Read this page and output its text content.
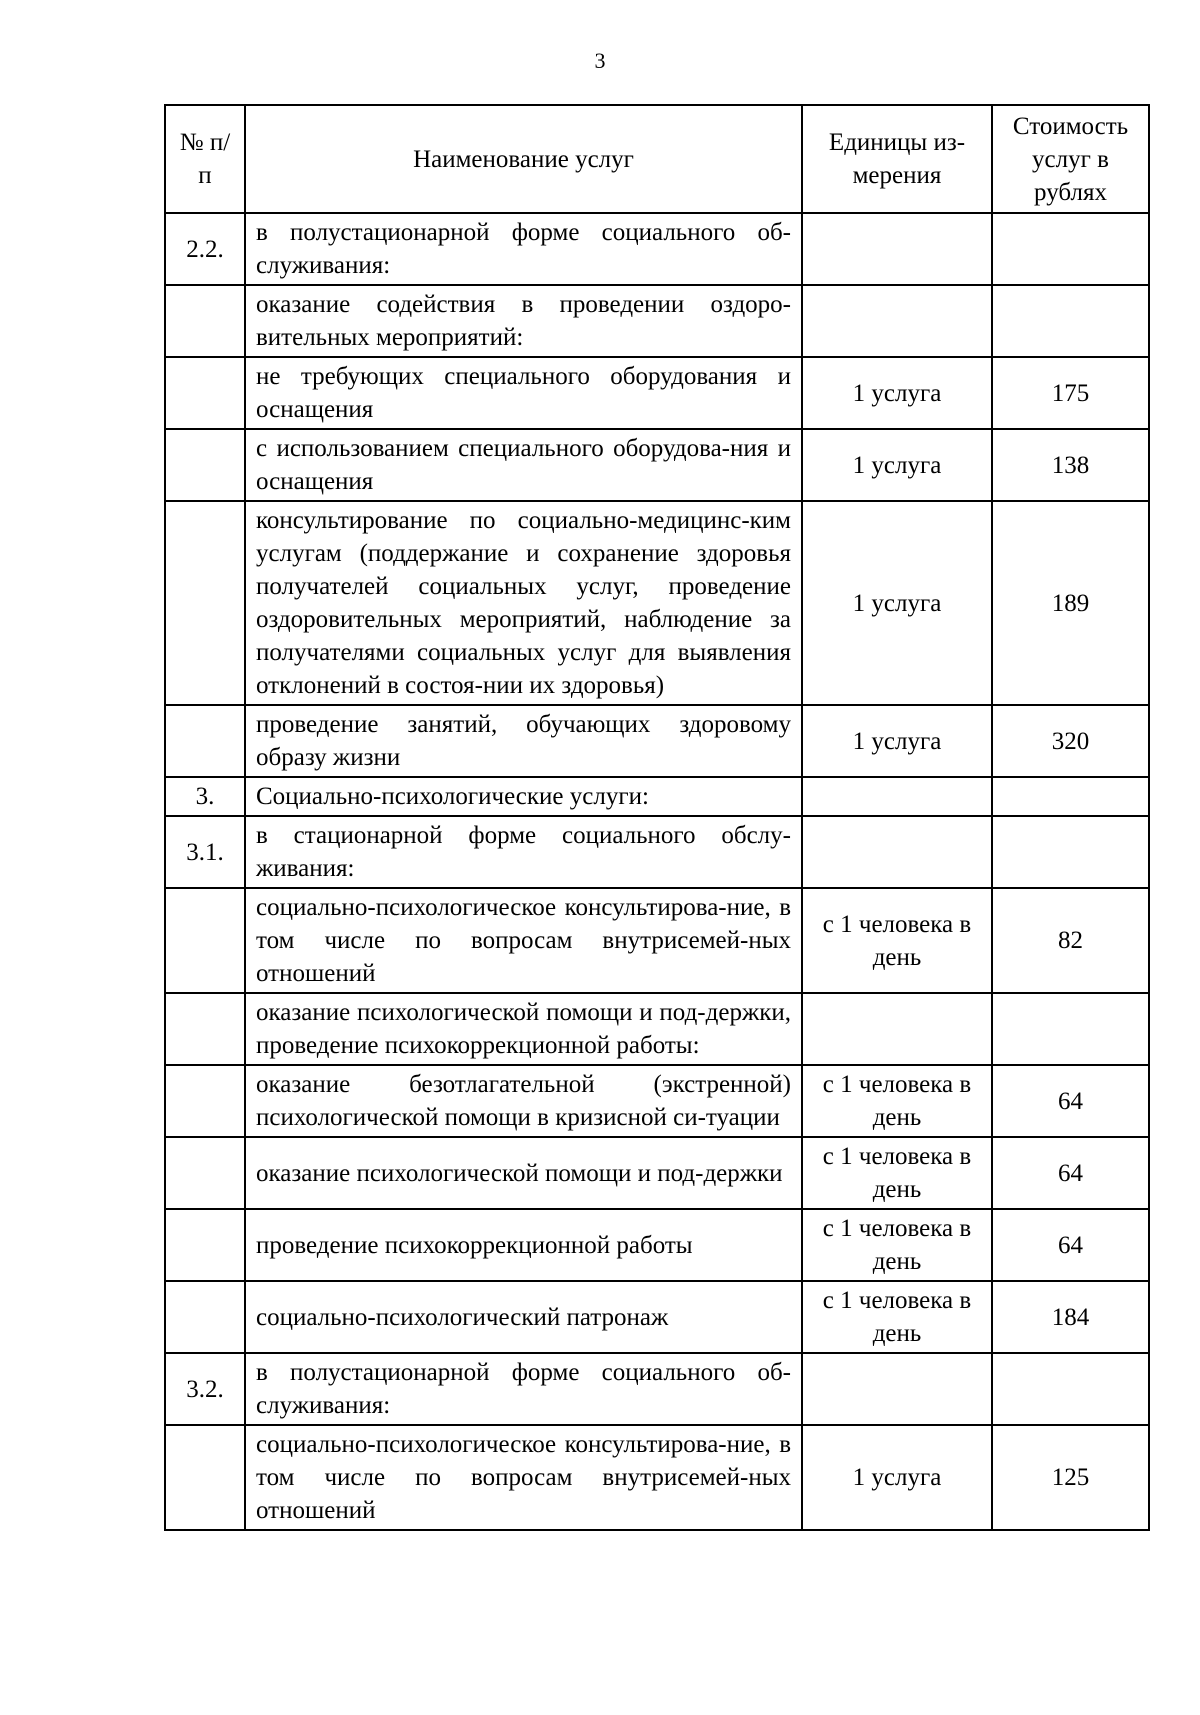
3
№ п/п	Наименование услуг	Единицы из-мерения	Стоимость услуг в рублях
2.2.	в полустационарной форме социального об-служивания:		
	оказание содействия в проведении оздоро-вительных мероприятий:		
	не требующих специального оборудования и оснащения	1 услуга	175
	с использованием специального оборудова-ния и оснащения	1 услуга	138
	консультирование по социально-медицинс-ким услугам (поддержание и сохранение здоровья получателей социальных услуг, проведение оздоровительных мероприятий, наблюдение за получателями социальных услуг для выявления отклонений в состоя-нии их здоровья)	1 услуга	189
	проведение занятий, обучающих здоровому образу жизни	1 услуга	320
3.	Социально-психологические услуги:		
3.1.	в стационарной форме социального обслу-живания:		
	социально-психологическое консультирова-ние, в том числе по вопросам внутрисемей-ных отношений	с 1 человека в день	82
	оказание психологической помощи и под-держки, проведение психокоррекционной работы:		
	оказание безотлагательной (экстренной) психологической помощи в кризисной си-туации	с 1 человека в день	64
	оказание психологической помощи и под-держки	с 1 человека в день	64
	проведение психокоррекционной работы	с 1 человека в день	64
	социально-психологический патронаж	с 1 человека в день	184
3.2.	в полустационарной форме социального об-служивания:		
	социально-психологическое консультирова-ние, в том числе по вопросам внутрисемей-ных отношений	1 услуга	125
